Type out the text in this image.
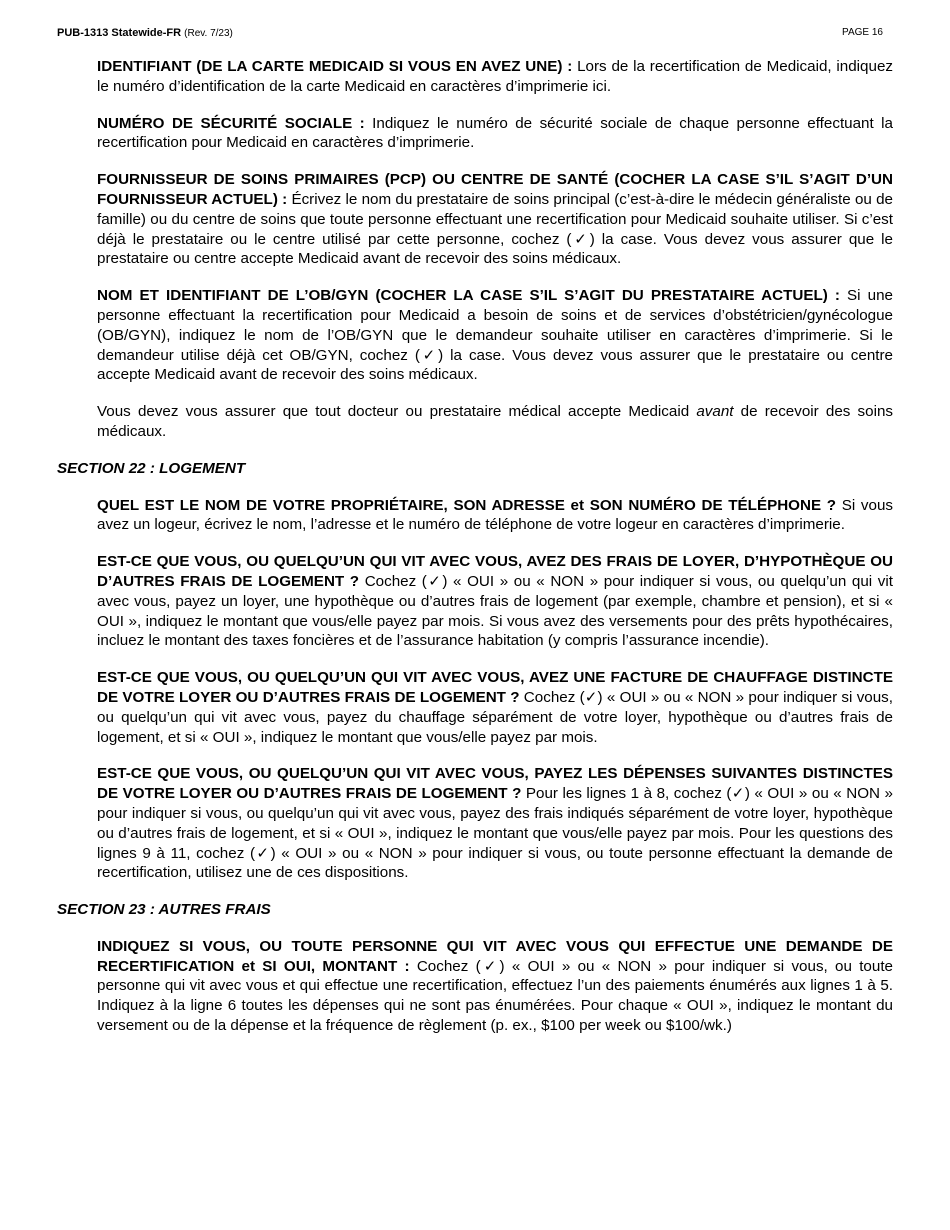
PUB-1313 Statewide-FR (Rev. 7/23)	PAGE 16

IDENTIFIANT (DE LA CARTE MEDICAID SI VOUS EN AVEZ UNE) : Lors de la recertification de Medicaid, indiquez le numéro d’identification de la carte Medicaid en caractères d’imprimerie ici.

NUMÉRO DE SÉCURITÉ SOCIALE : Indiquez le numéro de sécurité sociale de chaque personne effectuant la recertification pour Medicaid en caractères d’imprimerie.

FOURNISSEUR DE SOINS PRIMAIRES (PCP) OU CENTRE DE SANTÉ (COCHER LA CASE S’IL S’AGIT D’UN FOURNISSEUR ACTUEL) : Écrivez le nom du prestataire de soins principal (c’est-à-dire le médecin généraliste ou de famille) ou du centre de soins que toute personne effectuant une recertification pour Medicaid souhaite utiliser. Si c’est déjà le prestataire ou le centre utilisé par cette personne, cochez (✓) la case. Vous devez vous assurer que le prestataire ou centre accepte Medicaid avant de recevoir des soins médicaux.

NOM ET IDENTIFIANT DE L’OB/GYN (COCHER LA CASE S’IL S’AGIT DU PRESTATAIRE ACTUEL) : Si une personne effectuant la recertification pour Medicaid a besoin de soins et de services d’obstétricien/gynécologue (OB/GYN), indiquez le nom de l’OB/GYN que le demandeur souhaite utiliser en caractères d’imprimerie. Si le demandeur utilise déjà cet OB/GYN, cochez (✓) la case. Vous devez vous assurer que le prestataire ou centre accepte Medicaid avant de recevoir des soins médicaux.

Vous devez vous assurer que tout docteur ou prestataire médical accepte Medicaid avant de recevoir des soins médicaux.

SECTION 22 : LOGEMENT

QUEL EST LE NOM DE VOTRE PROPRIÉTAIRE, SON ADRESSE et SON NUMÉRO DE TÉLÉPHONE ? Si vous avez un logeur, écrivez le nom, l’adresse et le numéro de téléphone de votre logeur en caractères d’imprimerie.

EST-CE QUE VOUS, OU QUELQU’UN QUI VIT AVEC VOUS, AVEZ DES FRAIS DE LOYER, D’HYPOTHÈQUE OU D’AUTRES FRAIS DE LOGEMENT ? Cochez (✓) « OUI » ou « NON » pour indiquer si vous, ou quelqu’un qui vit avec vous, payez un loyer, une hypothèque ou d’autres frais de logement (par exemple, chambre et pension), et si « OUI », indiquez le montant que vous/elle payez par mois. Si vous avez des versements pour des prêts hypothécaires, incluez le montant des taxes foncières et de l’assurance habitation (y compris l’assurance incendie).

EST-CE QUE VOUS, OU QUELQU’UN QUI VIT AVEC VOUS, AVEZ UNE FACTURE DE CHAUFFAGE DISTINCTE DE VOTRE LOYER OU D’AUTRES FRAIS DE LOGEMENT ? Cochez (✓) « OUI » ou « NON » pour indiquer si vous, ou quelqu’un qui vit avec vous, payez du chauffage séparément de votre loyer, hypothèque ou d’autres frais de logement, et si « OUI », indiquez le montant que vous/elle payez par mois.

EST-CE QUE VOUS, OU QUELQU’UN QUI VIT AVEC VOUS, PAYEZ LES DÉPENSES SUIVANTES DISTINCTES DE VOTRE LOYER OU D’AUTRES FRAIS DE LOGEMENT ? Pour les lignes 1 à 8, cochez (✓) « OUI » ou « NON » pour indiquer si vous, ou quelqu’un qui vit avec vous, payez des frais indiqués séparément de votre loyer, hypothèque ou d’autres frais de logement, et si « OUI », indiquez le montant que vous/elle payez par mois. Pour les questions des lignes 9 à 11, cochez (✓) « OUI » ou « NON » pour indiquer si vous, ou toute personne effectuant la demande de recertification, utilisez une de ces dispositions.

SECTION 23 : AUTRES FRAIS

INDIQUEZ SI VOUS, OU TOUTE PERSONNE QUI VIT AVEC VOUS QUI EFFECTUE UNE DEMANDE DE RECERTIFICATION et SI OUI, MONTANT : Cochez (✓) « OUI » ou « NON » pour indiquer si vous, ou toute personne qui vit avec vous et qui effectue une recertification, effectuez l’un des paiements énumérés aux lignes 1 à 5. Indiquez à la ligne 6 toutes les dépenses qui ne sont pas énumérées. Pour chaque « OUI », indiquez le montant du versement ou de la dépense et la fréquence de règlement (p. ex., $100 per week ou $100/wk.)
